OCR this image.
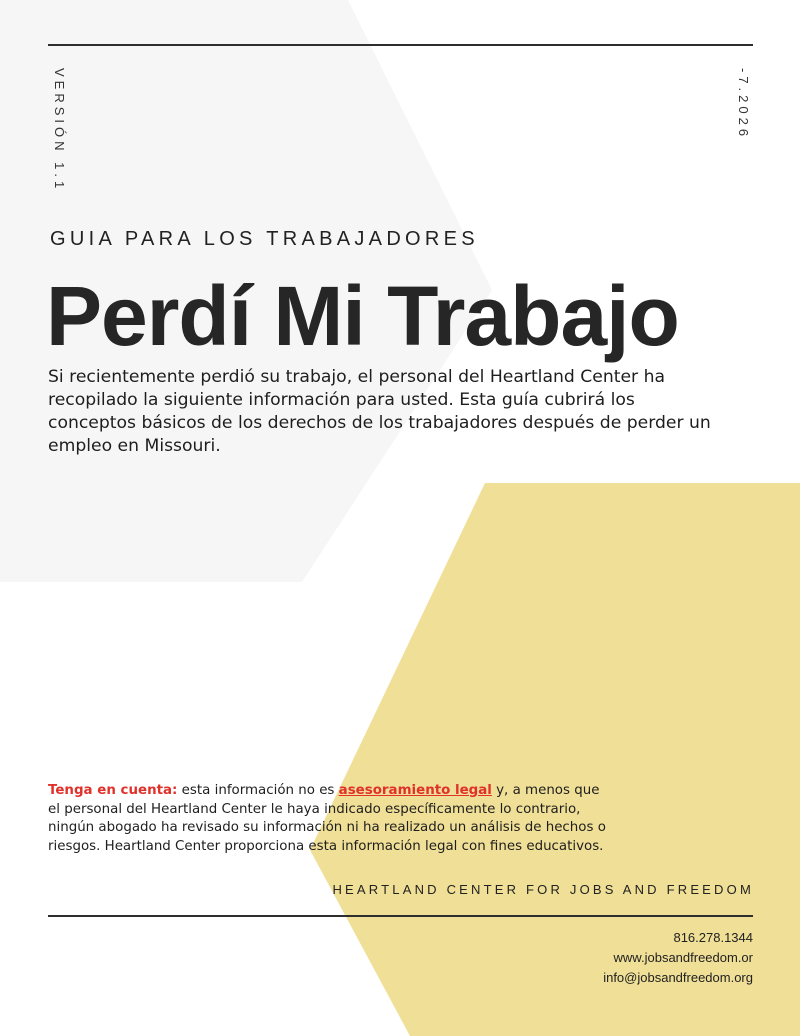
VERSIÓN 1.1	-7.2026
GUIA PARA LOS TRABAJADORES
Perdí Mi Trabajo

Si recientemente perdió su trabajo, el personal del Heartland Center ha recopilado la siguiente información para usted. Esta guía cubrirá los conceptos básicos de los derechos de los trabajadores después de perder un empleo en Missouri.

Tenga en cuenta: esta información no es asesoramiento legal y, a menos que el personal del Heartland Center le haya indicado específicamente lo contrario, ningún abogado ha revisado su información ni ha realizado un análisis de hechos o riesgos. Heartland Center proporciona esta información legal con fines educativos.

HEARTLAND CENTER FOR JOBS AND FREEDOM
816.278.1344
www.jobsandfreedom.or
info@jobsandfreedom.org
